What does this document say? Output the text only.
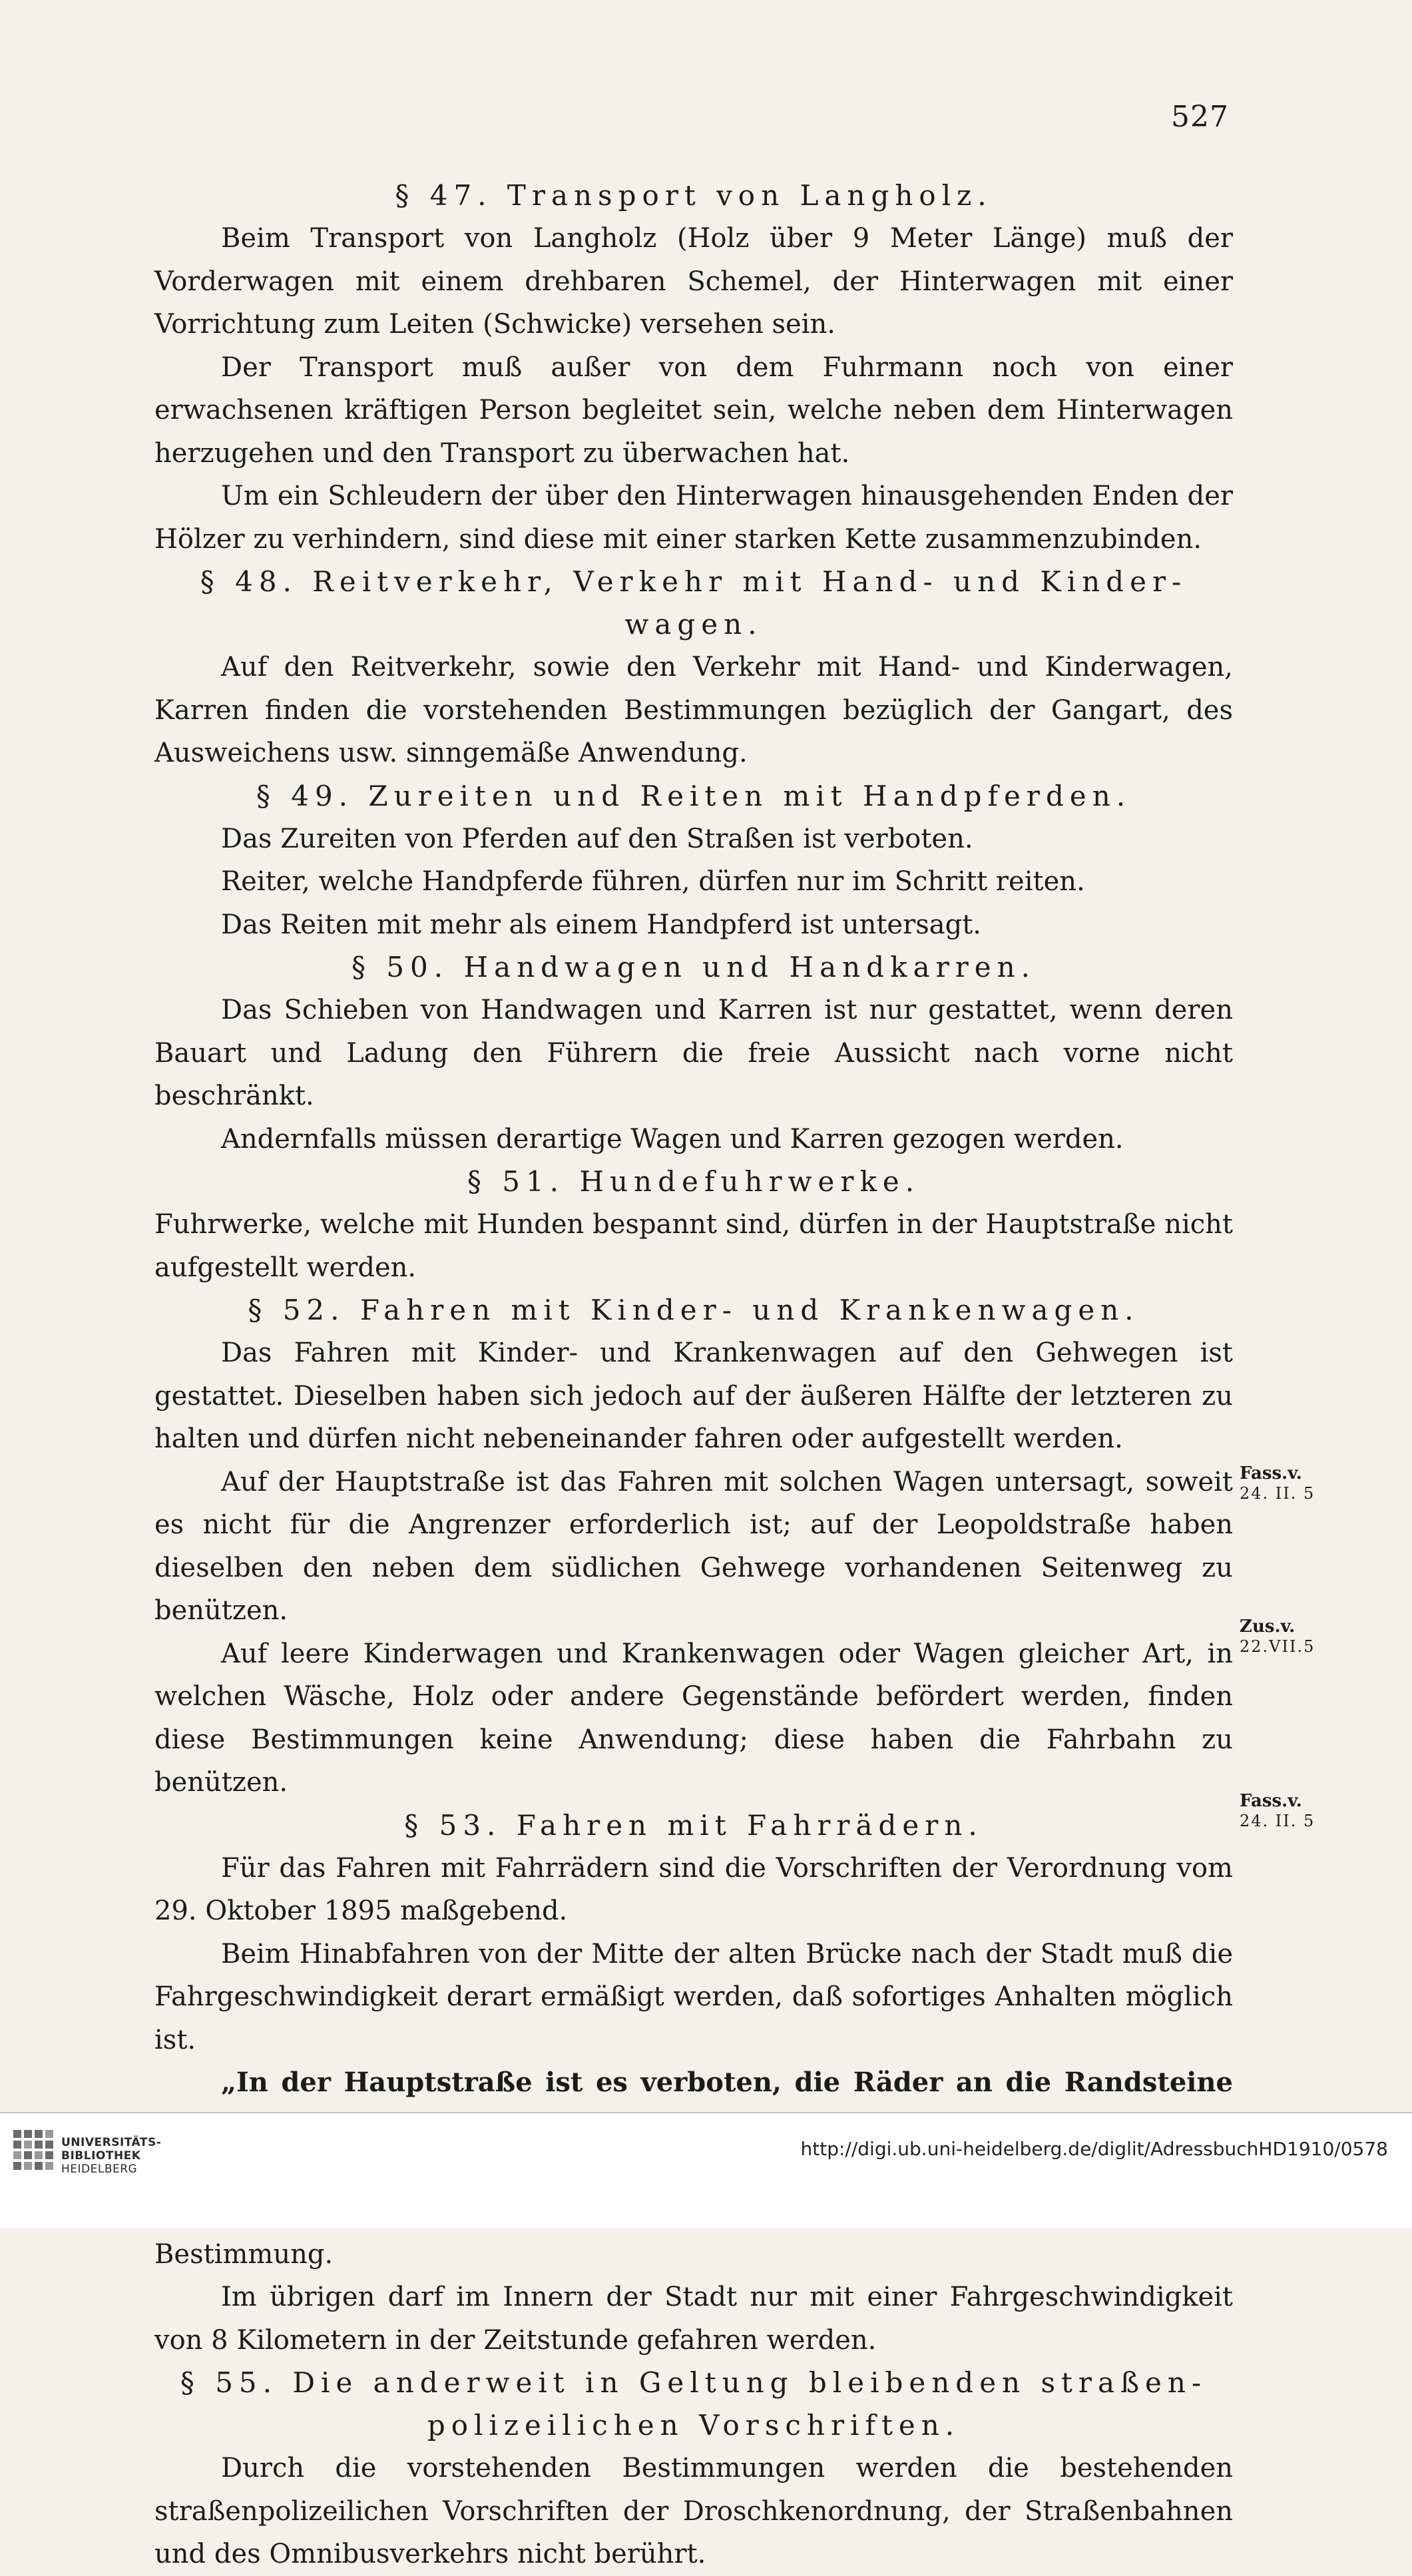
527
§ 47. Transport von Langholz.

Beim Transport von Langholz (Holz über 9 Meter Länge) muß der Vorderwagen mit einem drehbaren Schemel, der Hinterwagen mit einer Vorrichtung zum Leiten (Schwicke) versehen sein.

Der Transport muß außer von dem Fuhrmann noch von einer erwachsenen kräftigen Person begleitet sein, welche neben dem Hinterwagen herzugehen und den Transport zu überwachen hat.

Um ein Schleudern der über den Hinterwagen hinausgehenden Enden der Hölzer zu verhindern, sind diese mit einer starken Kette zusammenzubinden.

§ 48. Reitverkehr, Verkehr mit Hand- und Kinder-
wagen.

Auf den Reitverkehr, sowie den Verkehr mit Hand- und Kinderwagen, Karren finden die vorstehenden Bestimmungen bezüglich der Gangart, des Ausweichens usw. sinngemäße Anwendung.

§ 49. Zureiten und Reiten mit Handpferden.

Das Zureiten von Pferden auf den Straßen ist verboten.

Reiter, welche Handpferde führen, dürfen nur im Schritt reiten.

Das Reiten mit mehr als einem Handpferd ist untersagt.

§ 50. Handwagen und Handkarren.

Das Schieben von Handwagen und Karren ist nur gestattet, wenn deren Bauart und Ladung den Führern die freie Aussicht nach vorne nicht beschränkt.

Andernfalls müssen derartige Wagen und Karren gezogen werden.

§ 51. Hundefuhrwerke.

Fuhrwerke, welche mit Hunden bespannt sind, dürfen in der Hauptstraße nicht aufgestellt werden.

§ 52. Fahren mit Kinder- und Krankenwagen.

Das Fahren mit Kinder- und Krankenwagen auf den Gehwegen ist gestattet. Dieselben haben sich jedoch auf der äußeren Hälfte der letzteren zu halten und dürfen nicht nebeneinander fahren oder aufgestellt werden.

Auf der Hauptstraße ist das Fahren mit solchen Wagen untersagt, soweit es nicht für die Angrenzer erforderlich ist; auf der Leopoldstraße haben dieselben den neben dem südlichen Gehwege vorhandenen Seitenweg zu benützen.

Auf leere Kinderwagen und Krankenwagen oder Wagen gleicher Art, in welchen Wäsche, Holz oder andere Gegenstände befördert werden, finden diese Bestimmungen keine Anwendung; diese haben die Fahrbahn zu benützen.

§ 53. Fahren mit Fahrrädern.

Für das Fahren mit Fahrrädern sind die Vorschriften der Verordnung vom 29. Oktober 1895 maßgebend.

Beim Hinabfahren von der Mitte der alten Brücke nach der Stadt muß die Fahrgeschwindigkeit derart ermäßigt werden, daß sofortiges Anhalten möglich ist.

„In der Hauptstraße ist es verboten, die Räder an die Randsteine

Bestimmung.

Im übrigen darf im Innern der Stadt nur mit einer Fahrgeschwindigkeit von 8 Kilometern in der Zeitstunde gefahren werden.

§ 55. Die anderweit in Geltung bleibenden straßen-
polizeilichen Vorschriften.

Durch die vorstehenden Bestimmungen werden die bestehenden straßenpolizeilichen Vorschriften der Droschkenordnung, der Straßenbahnen und des Omnibusverkehrs nicht berührt.

Fass.v.
24. II. 5
Zus.v.
22.VII.5
Fass.v.
24. II. 5
UNIVERSITÄTS-
BIBLIOTHEK
HEIDELBERG
http://digi.ub.uni-heidelberg.de/diglit/AdressbuchHD1910/0578
